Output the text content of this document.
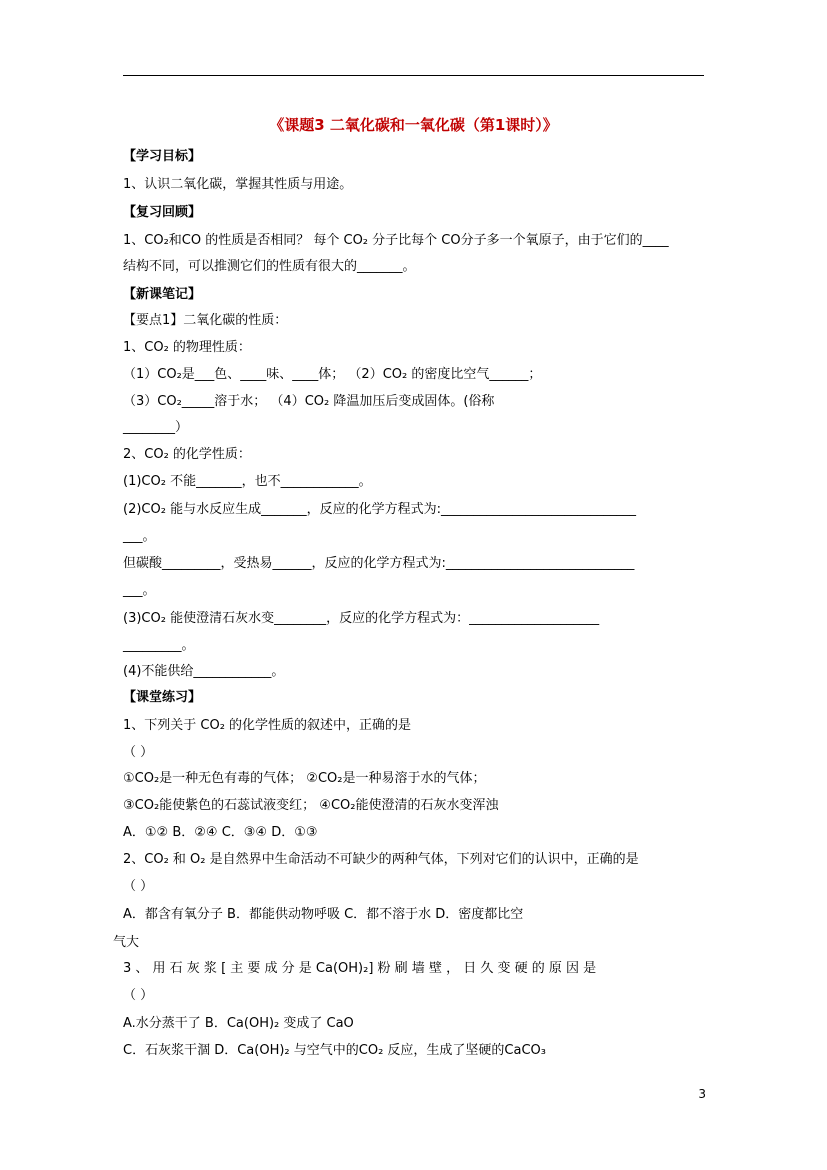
《课题3 二氧化碳和一氧化碳（第1课时）》
【学习目标】
1、认识二氧化碳，掌握其性质与用途。
【复习回顾】
1、CO₂和CO 的性质是否相同？ 每个 CO₂ 分子比每个 CO分子多一个氧原子，由于它们的____
结构不同，可以推测它们的性质有很大的_______。
【新课笔记】
【要点1】二氧化碳的性质：
1、CO₂ 的物理性质：
（1）CO₂是___色、____味、____体； （2）CO₂ 的密度比空气______；
（3）CO₂_____溶于水； （4）CO₂ 降温加压后变成固体。(俗称
________）
2、CO₂ 的化学性质：
(1)CO₂ 不能_______，也不____________。
(2)CO₂ 能与水反应生成_______，反应的化学方程式为:______________________________
___。
但碳酸_________，受热易______，反应的化学方程式为:_____________________________
___。
(3)CO₂ 能使澄清石灰水变________，反应的化学方程式为：____________________
_________。
(4)不能供给____________。
【课堂练习】
1、下列关于 CO₂ 的化学性质的叙述中，正确的是
（ ）
①CO₂是一种无色有毒的气体； ②CO₂是一种易溶于水的气体；
③CO₂能使紫色的石蕊试液变红； ④CO₂能使澄清的石灰水变浑浊
A．①② B．②④ C．③④ D．①③
2、CO₂ 和 O₂ 是自然界中生命活动不可缺少的两种气体，下列对它们的认识中，正确的是
（ ）
A．都含有氧分子 B．都能供动物呼吸 C．都不溶于水 D．密度都比空
气大
3 、 用 石 灰 浆 [ 主 要 成 分 是 Ca(OH)₂] 粉 刷 墙 壁 ， 日 久 变 硬 的 原 因 是
（ ）
A.水分蒸干了 B．Ca(OH)₂ 变成了 CaO
C．石灰浆干涸 D．Ca(OH)₂ 与空气中的CO₂ 反应，生成了坚硬的CaCO₃
3
